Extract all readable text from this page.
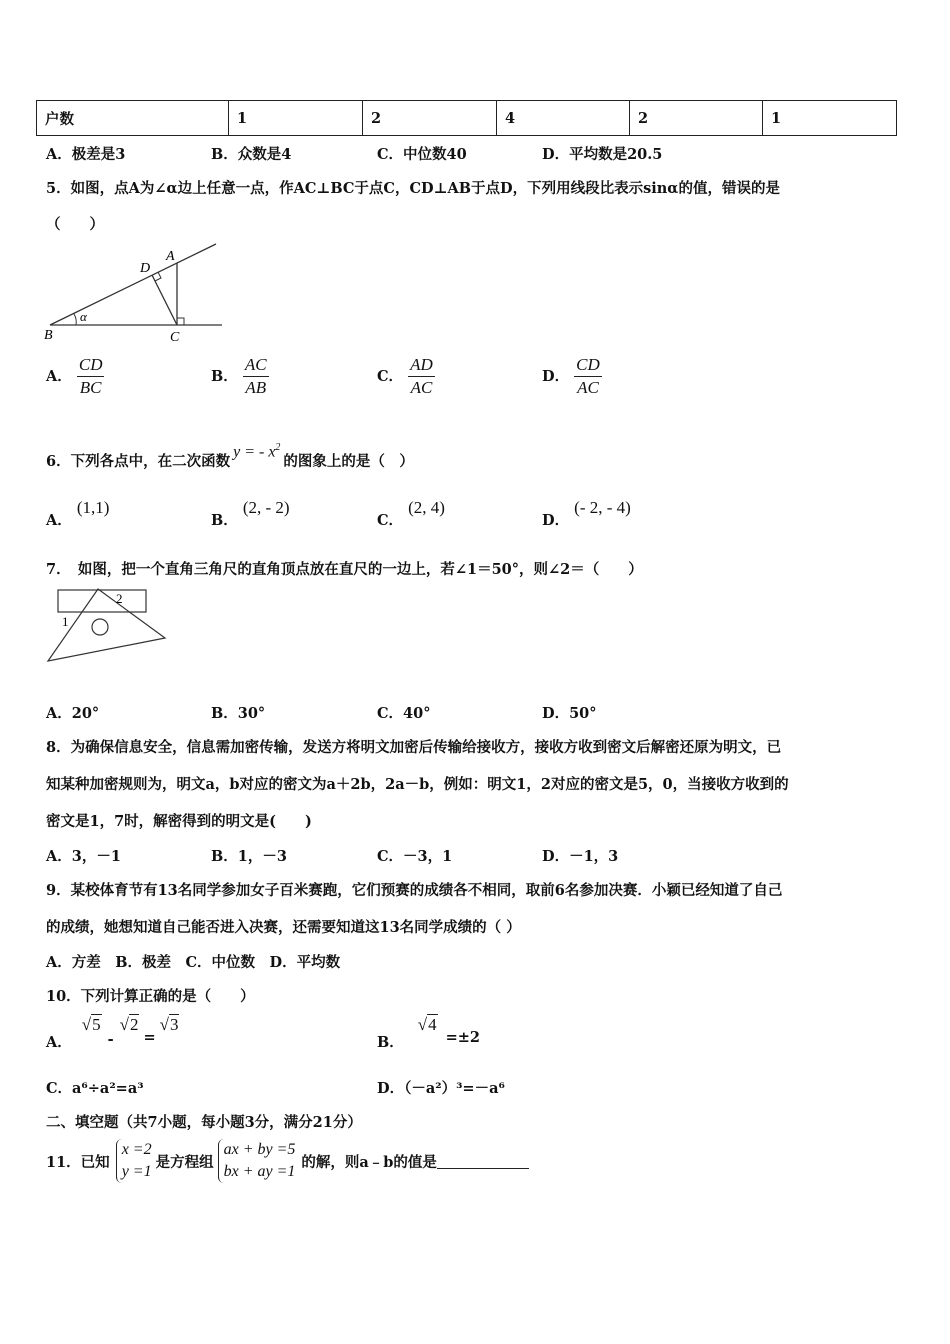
户数	1	2	4	2	1
A．极差是3	B．众数是4	C．中位数40	D．平均数是20.5
5．如图，点A为∠α边上任意一点，作AC⊥BC于点C，CD⊥AB于点D，下列用线段比表示sinα的值，错误的是
（　　）
B	C
D
A
α
A． $\frac{CD}{BC}$	B． $\frac{AC}{AB}$	C． $\frac{AD}{AC}$	D． $\frac{CD}{AC}$
6．下列各点中，在二次函数
y = - $x^2$
的图象上的是（　）
A． (1,1)
B． (2, - 2)
C． (2, 4)
D． (- 2, - 4)
7．　如图，把一个直角三角尺的直角顶点放在直尺的一边上，若∠1＝50°，则∠2＝（　　）
1
2
A．20°	B．30°	C．40°	D．50°
8．为确保信息安全，信息需加密传输，发送方将明文加密后传输给接收方，接收方收到密文后解密还原为明文，已
知某种加密规则为，明文a，b对应的密文为a＋2b，2a－b，例如：明文1，2对应的密文是5，0，当接收方收到的
密文是1，7时，解密得到的明文是(　　)
A．3，－1	B．1，－3	C．－3，1	D．－1，3
9．某校体育节有13名同学参加女子百米赛跑，它们预赛的成绩各不相同，取前6名参加决赛．小颖已经知道了自己
的成绩，她想知道自己能否进入决赛，还需要知道这13名同学成绩的（ ）
A．方差　B．极差　C．中位数　D．平均数
10．下列计算正确的是（　　）
A．
√5
-
√2
=
√3
B．
√4
=±2
C．a⁶÷a²=a³	D．（－a²）³=－a⁶
二、填空题（共7小题，每小题3分，满分21分）
11．已知
x =2
y =1
是方程组
ax + by =5
bx + ay =1
的解，则a﹣b的值是
